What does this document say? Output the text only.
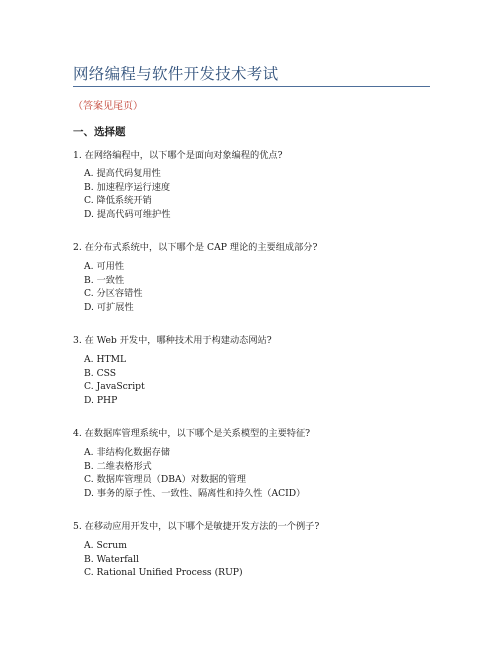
网络编程与软件开发技术考试
（答案见尾页）
一、选择题
1. 在网络编程中，以下哪个是面向对象编程的优点?
A. 提高代码复用性
B. 加速程序运行速度
C. 降低系统开销
D. 提高代码可维护性
2. 在分布式系统中，以下哪个是 CAP 理论的主要组成部分?
A. 可用性
B. 一致性
C. 分区容错性
D. 可扩展性
3. 在 Web 开发中，哪种技术用于构建动态网站?
A. HTML
B. CSS
C. JavaScript
D. PHP
4. 在数据库管理系统中，以下哪个是关系模型的主要特征?
A. 非结构化数据存储
B. 二维表格形式
C. 数据库管理员（DBA）对数据的管理
D. 事务的原子性、一致性、隔离性和持久性（ACID）
5. 在移动应用开发中，以下哪个是敏捷开发方法的一个例子?
A. Scrum
B. Waterfall
C. Rational Unified Process (RUP)
